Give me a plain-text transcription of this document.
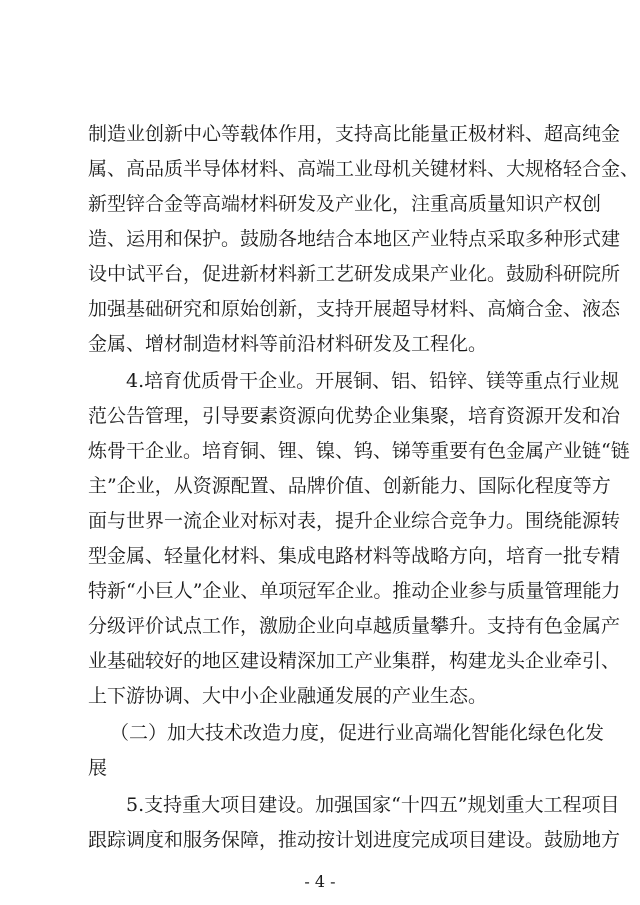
制造业创新中心等载体作用，支持高比能量正极材料、超高纯金
属、高品质半导体材料、高端工业母机关键材料、大规格轻合金、
新型锌合金等高端材料研发及产业化，注重高质量知识产权创
造、运用和保护。鼓励各地结合本地区产业特点采取多种形式建
设中试平台，促进新材料新工艺研发成果产业化。鼓励科研院所
加强基础研究和原始创新，支持开展超导材料、高熵合金、液态
金属、增材制造材料等前沿材料研发及工程化。
4.培育优质骨干企业。开展铜、铝、铅锌、镁等重点行业规
范公告管理，引导要素资源向优势企业集聚，培育资源开发和冶
炼骨干企业。培育铜、锂、镍、钨、锑等重要有色金属产业链“链
主”企业，从资源配置、品牌价值、创新能力、国际化程度等方
面与世界一流企业对标对表，提升企业综合竞争力。围绕能源转
型金属、轻量化材料、集成电路材料等战略方向，培育一批专精
特新“小巨人”企业、单项冠军企业。推动企业参与质量管理能力
分级评价试点工作，激励企业向卓越质量攀升。支持有色金属产
业基础较好的地区建设精深加工产业集群，构建龙头企业牵引、
上下游协调、大中小企业融通发展的产业生态。
（二）加大技术改造力度，促进行业高端化智能化绿色化发
展
5.支持重大项目建设。加强国家“十四五”规划重大工程项目
跟踪调度和服务保障，推动按计划进度完成项目建设。鼓励地方
- 4 -
